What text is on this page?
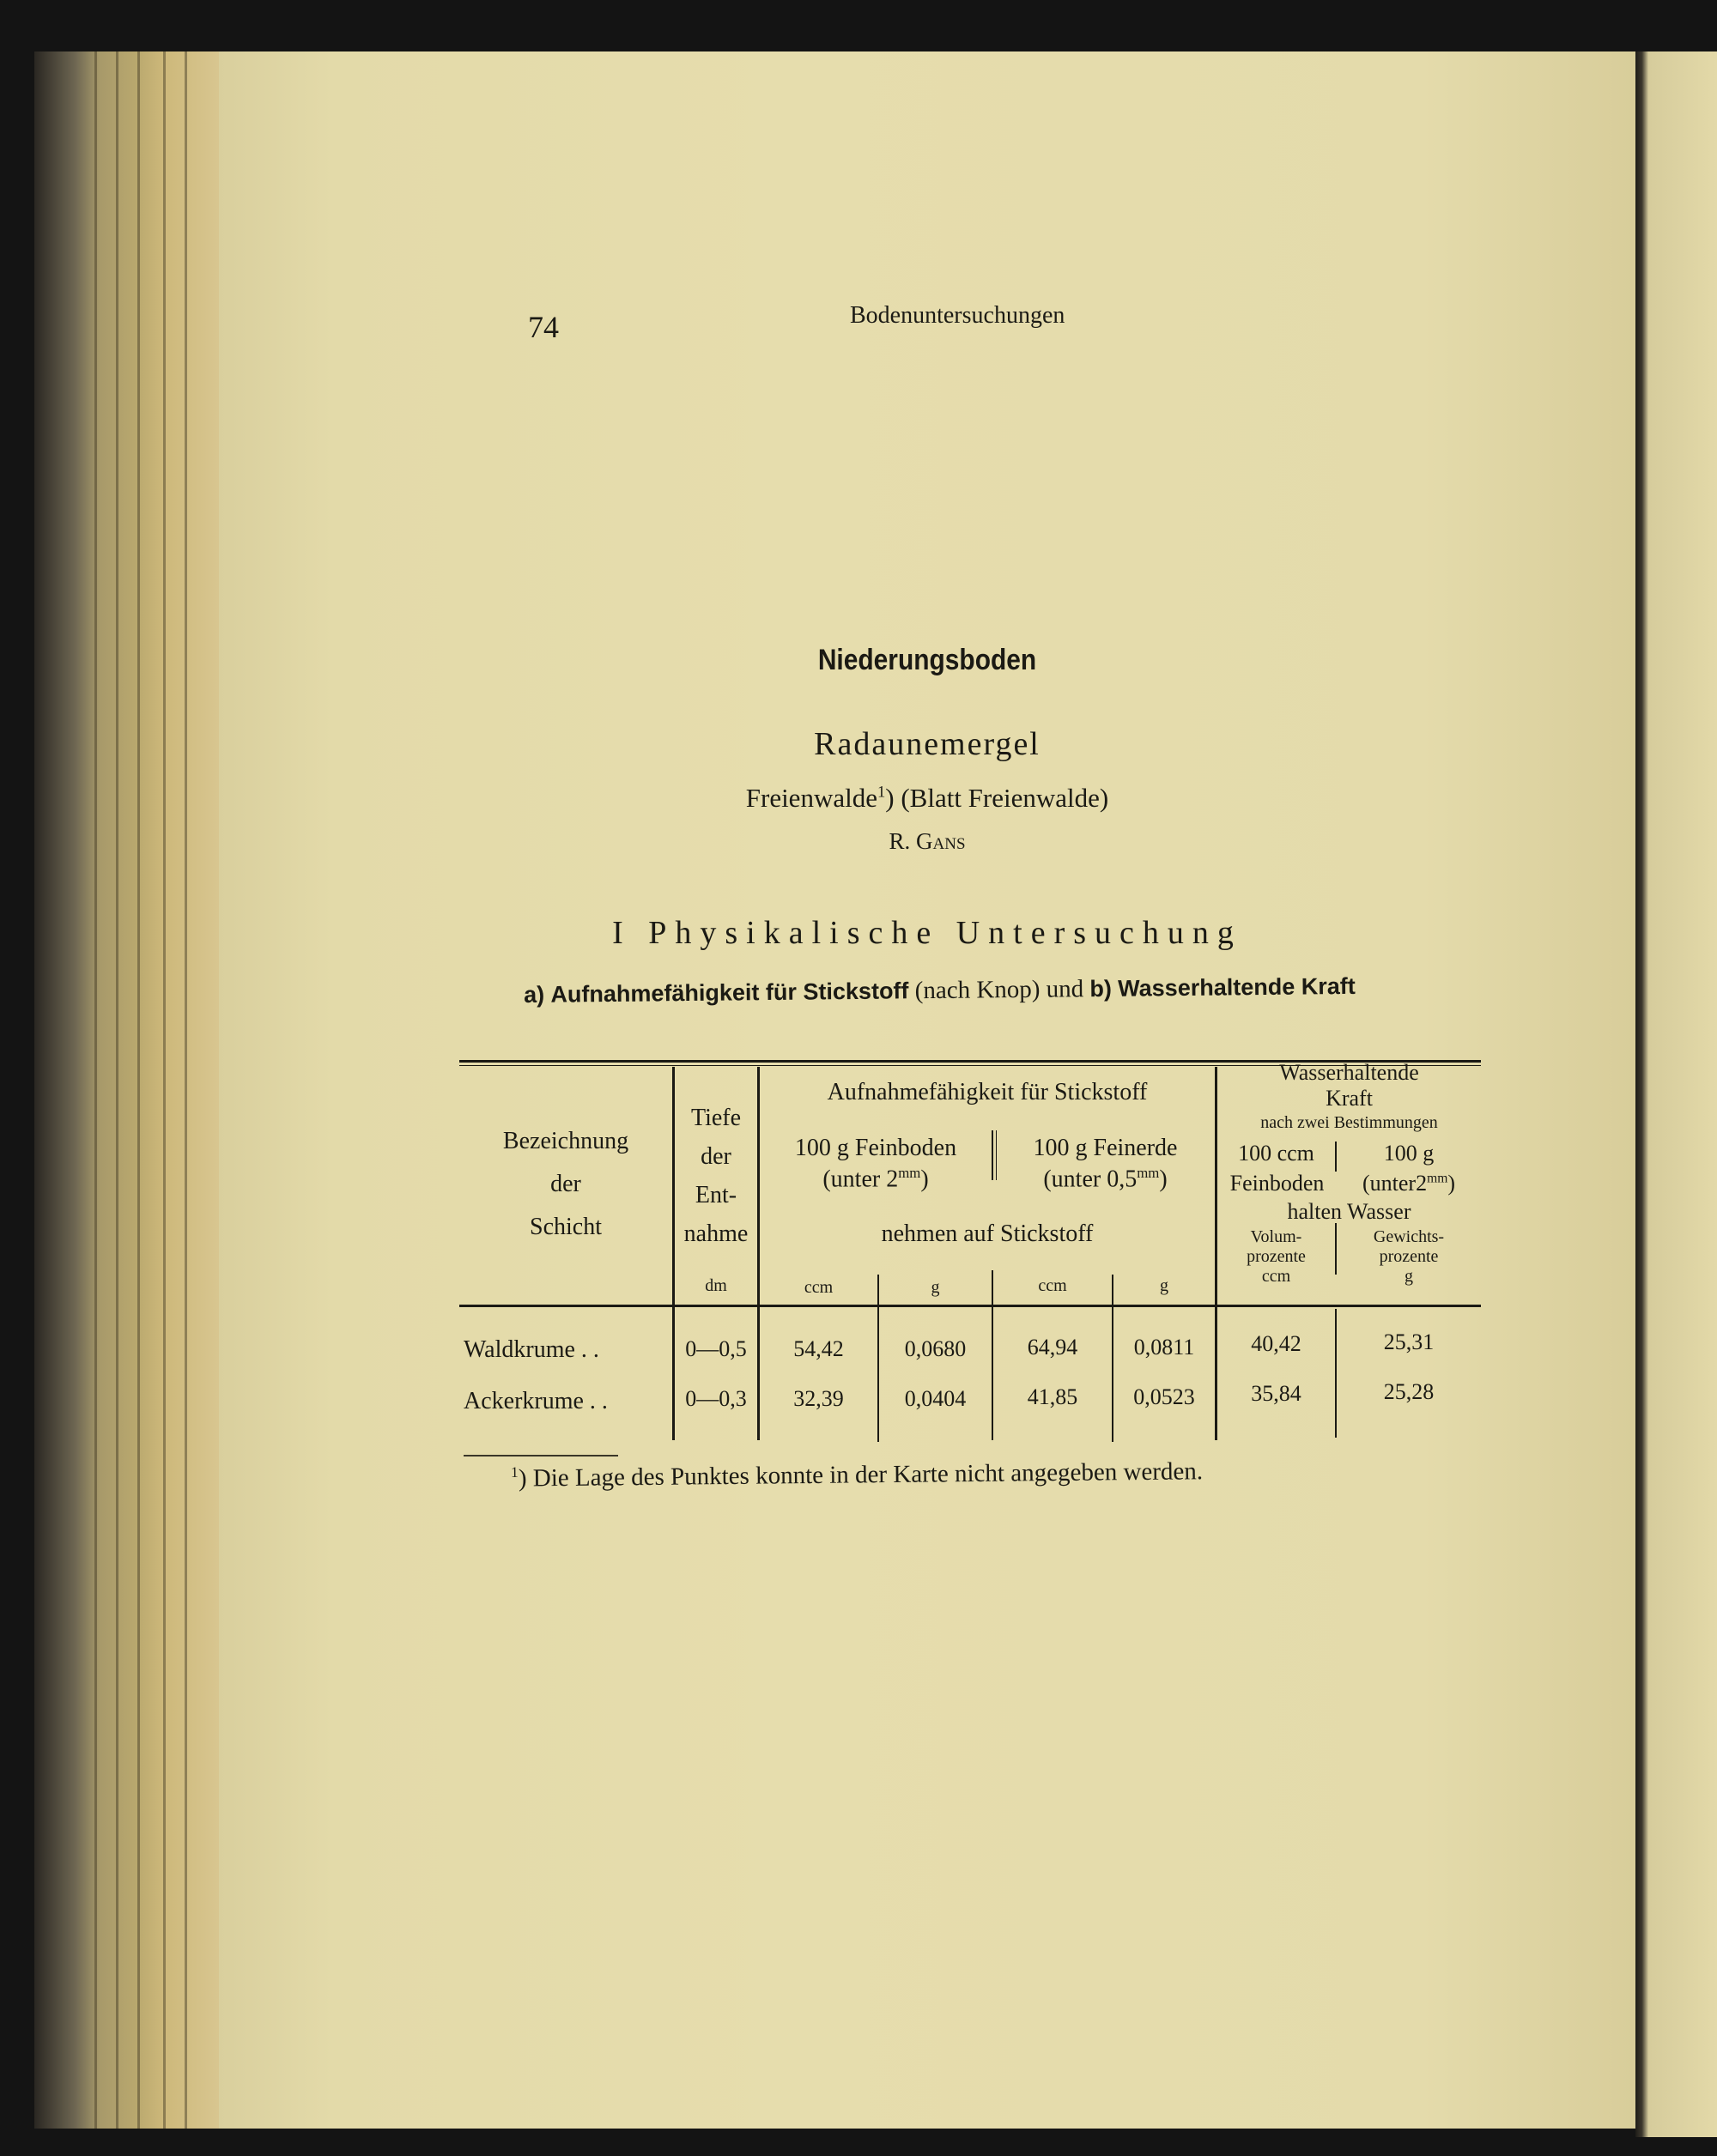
74	Bodenuntersuchungen
Niederungsboden
Radaunemergel
Freienwalde$^1$) (Blatt Freienwalde)
R. Gans
I Physikalische Untersuchung
a) Aufnahmefähigkeit für Stickstoff (nach Knop) und b) Wasserhaltende Kraft
Bezeichnung
der
Schicht
Tiefe
der
Ent-
nahme
dm
Aufnahmefähigkeit für Stickstoff
100 g Feinboden
(unter $2^{mm}$)
100 g Feinerde
(unter $0,5^{mm}$)
nehmen auf Stickstoff
ccm	g	ccm	g
Wasserhaltende
Kraft
nach zwei Bestimmungen
100 ccm	100 g
Feinboden	$(unter2^{mm})$
halten Wasser
Volum-
prozente
ccm
Gewichts-
prozente
g
Waldkrume . .	0—0,5	54,42	0,0680	64,94	0,0811	40,42	25,31
Ackerkrume . .	0—0,3	32,39	0,0404	41,85	0,0523	35,84	25,28
$^1$) Die Lage des Punktes konnte in der Karte nicht angegeben werden.
